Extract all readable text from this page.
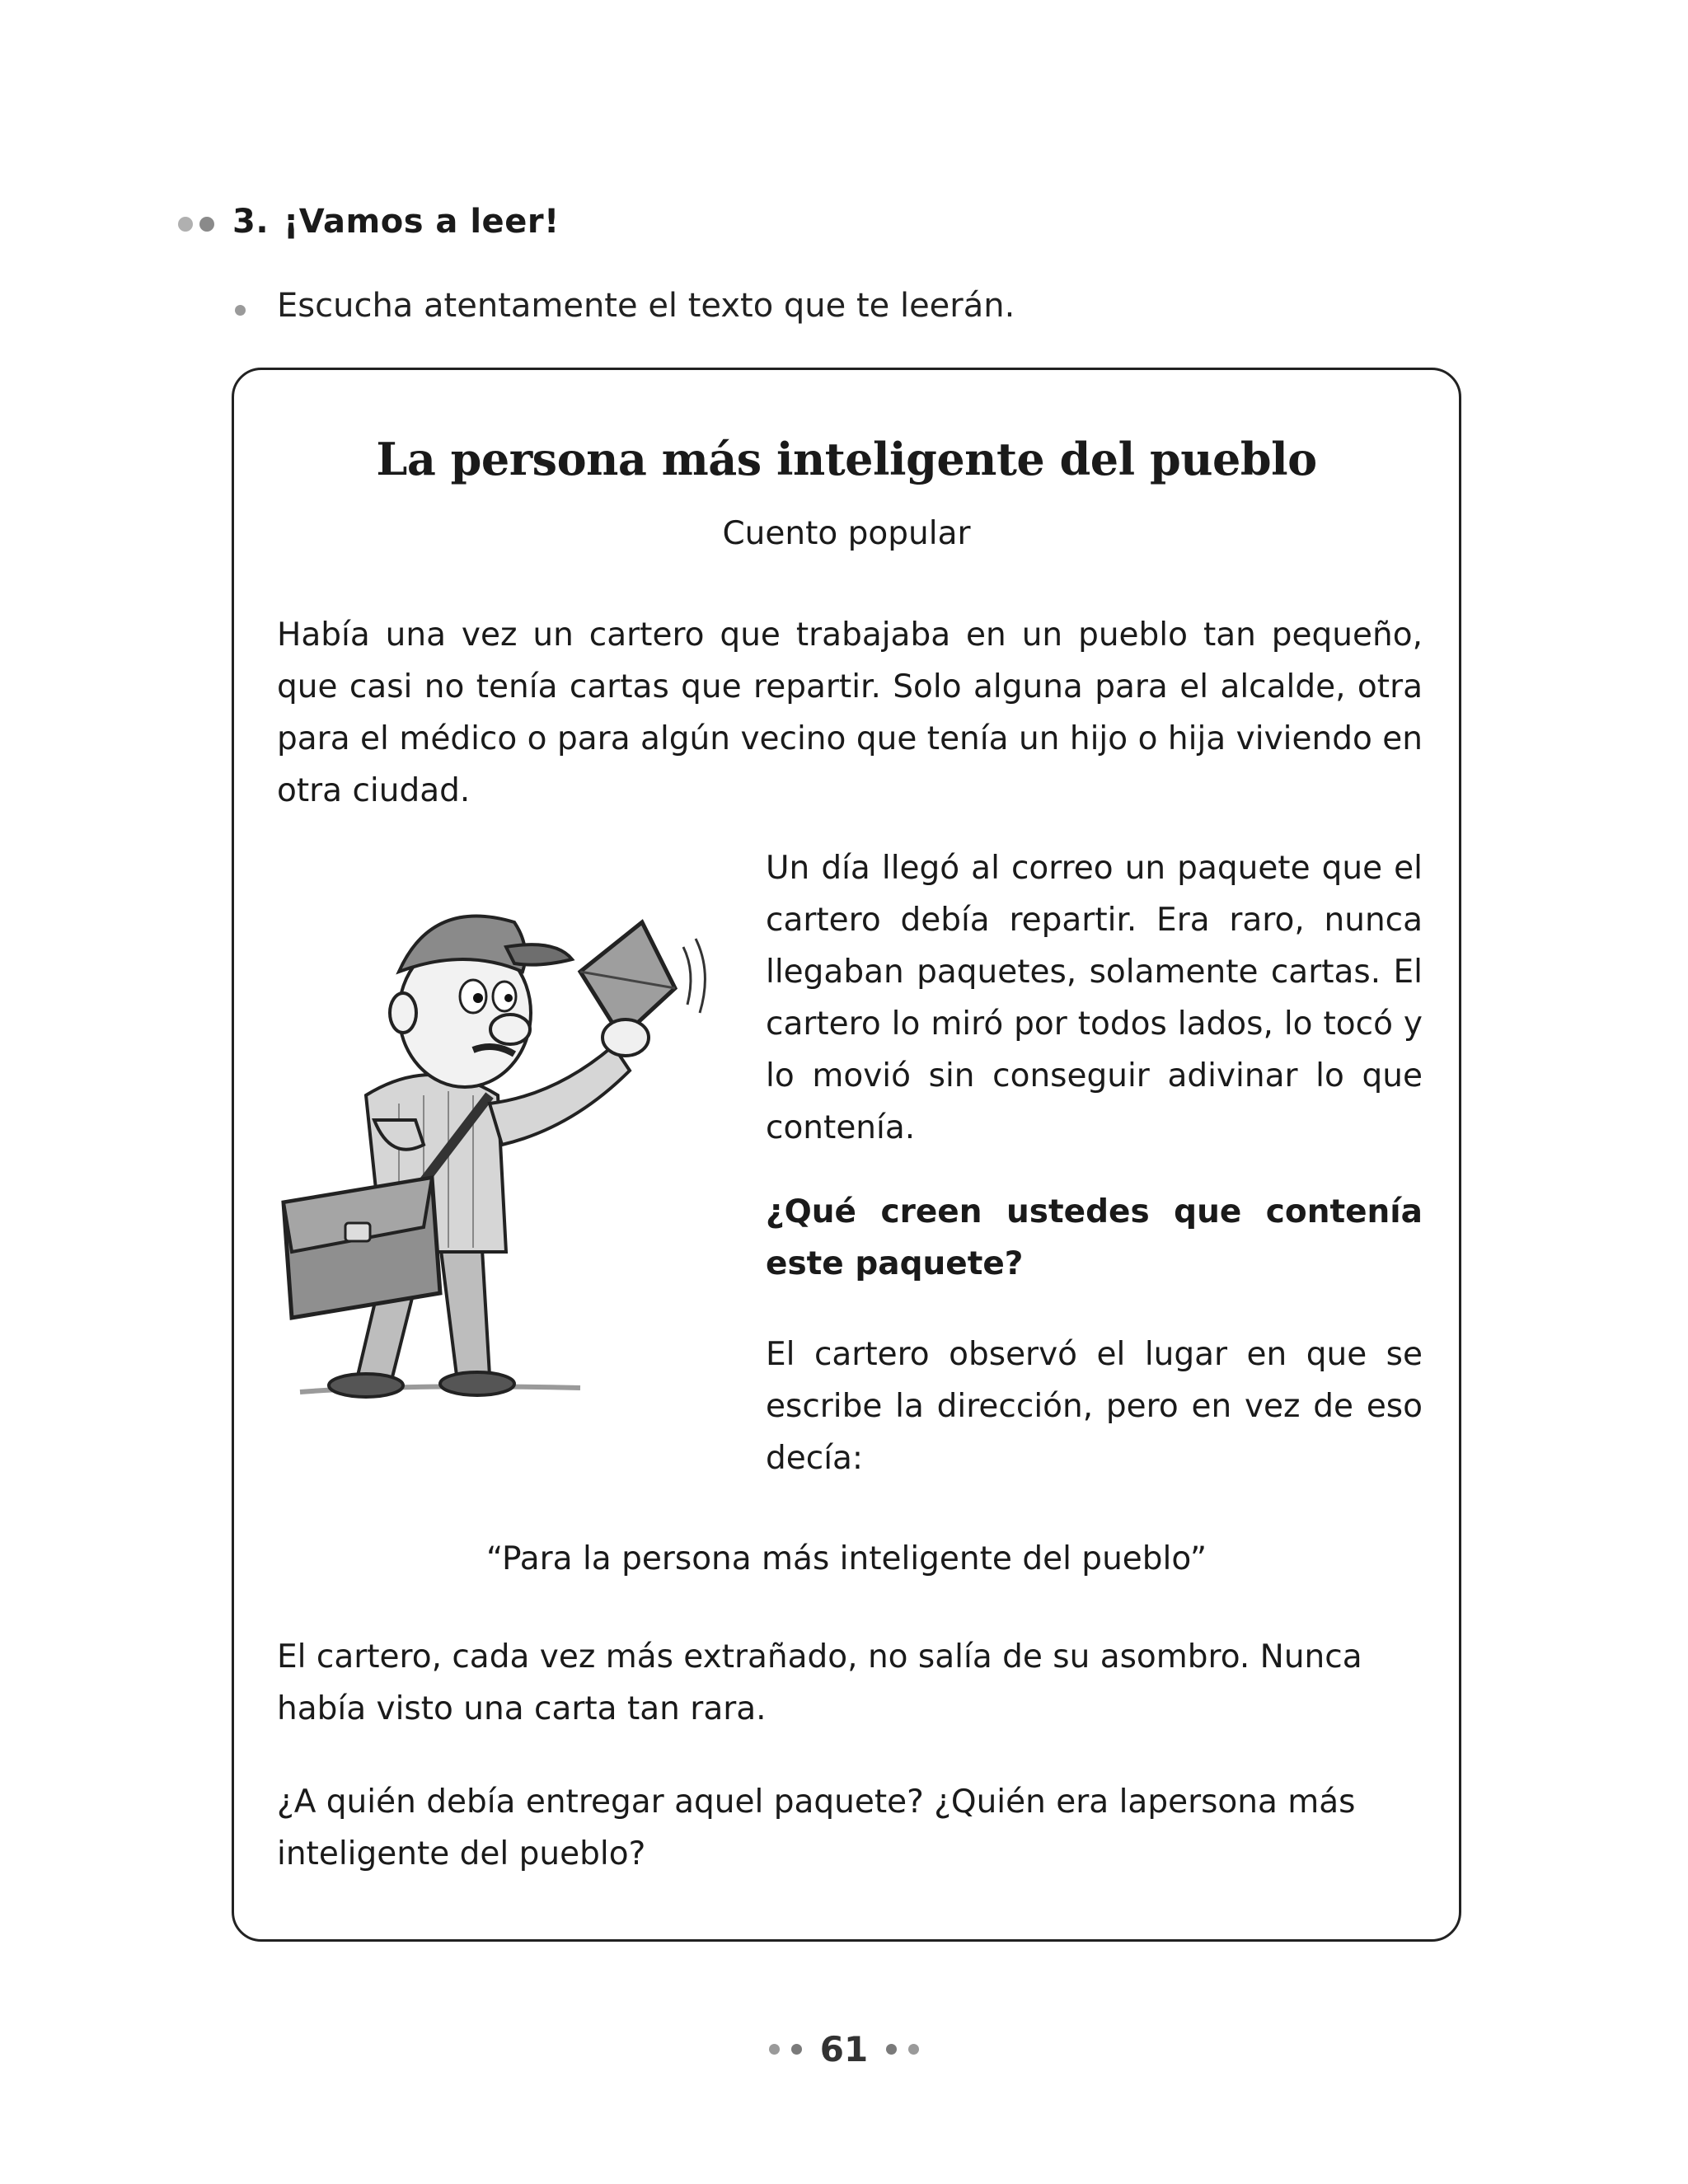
3. ¡Vamos a leer!
Escucha atentamente el texto que te leerán.
La persona más inteligente del pueblo
Cuento popular

Había una vez un cartero que trabajaba en un pueblo tan pequeño, que casi no tenía cartas que repartir. Solo alguna para el alcalde, otra para el médico o para algún vecino que tenía un hijo o hija viviendo en otra ciudad.

Un día llegó al correo un paquete que el cartero debía repartir. Era raro, nunca llegaban paquetes, solamente cartas. El cartero lo miró por todos lados, lo tocó y lo movió sin conseguir adivinar lo que contenía.

¿Qué creen ustedes que contenía este paquete?

El cartero observó el lugar en que se escribe la dirección, pero en vez de eso decía:

“Para la persona más inteligente del pueblo”

El cartero, cada vez más extrañado, no salía de su asombro. Nunca había visto una carta tan rara.

¿A quién debía entregar aquel paquete? ¿Quién era lapersona más inteligente del pueblo?

61
